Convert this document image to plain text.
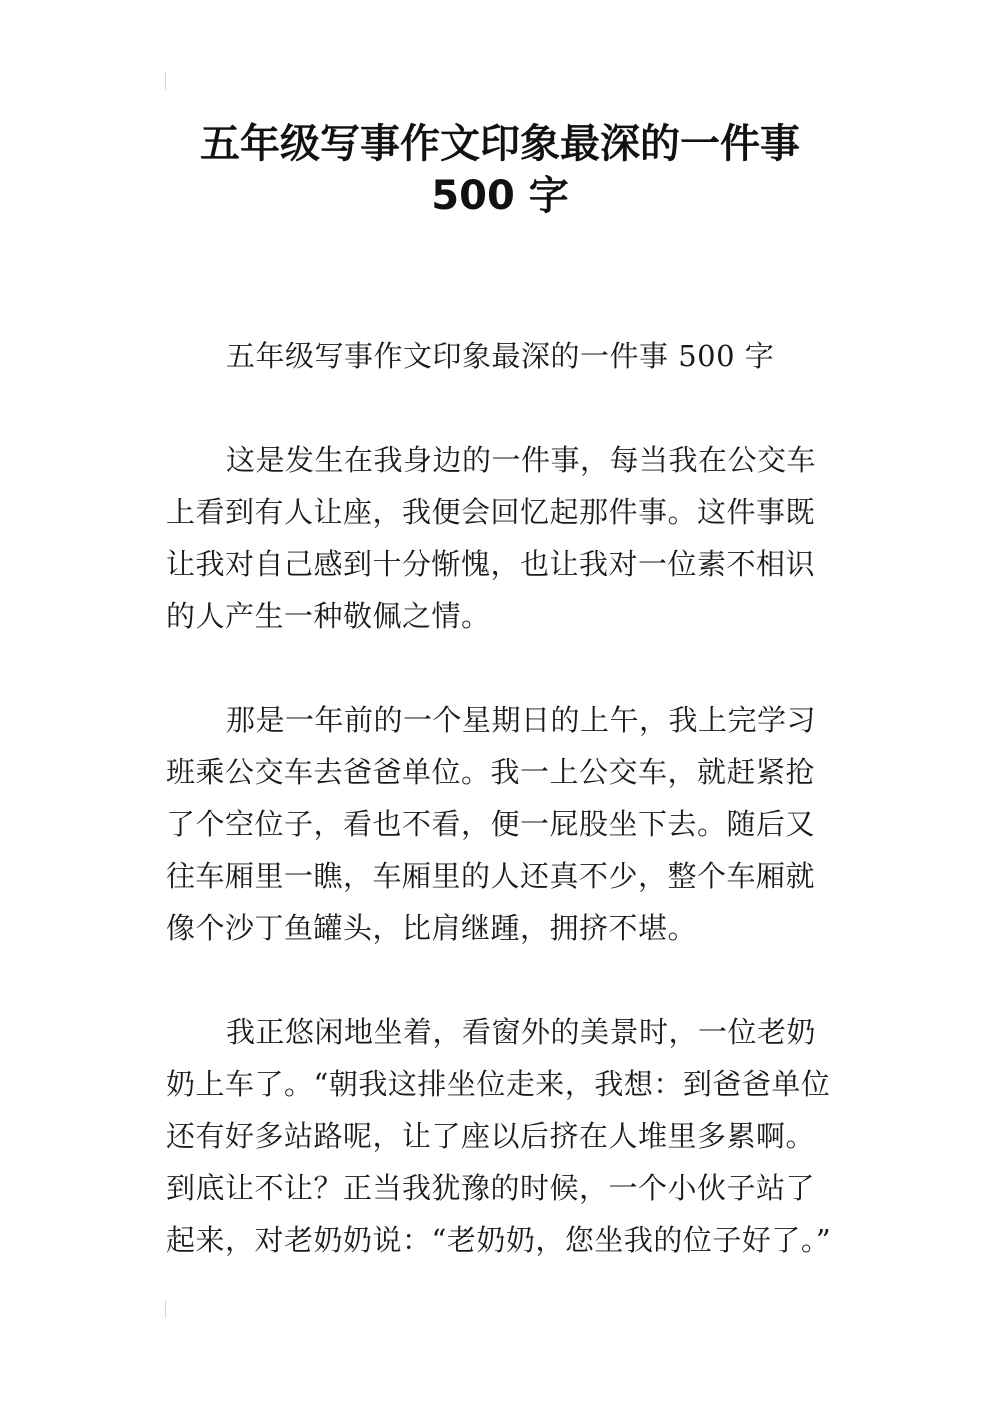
五年级写事作文印象最深的一件事
500 字

五年级写事作文印象最深的一件事 500 字

这是发生在我身边的一件事，每当我在公交车上看到有人让座，我便会回忆起那件事。这件事既让我对自己感到十分惭愧，也让我对一位素不相识的人产生一种敬佩之情。

那是一年前的一个星期日的上午，我上完学习班乘公交车去爸爸单位。我一上公交车，就赶紧抢了个空位子，看也不看，便一屁股坐下去。随后又往车厢里一瞧，车厢里的人还真不少，整个车厢就像个沙丁鱼罐头，比肩继踵，拥挤不堪。

我正悠闲地坐着，看窗外的美景时，一位老奶奶上车了。“朝我这排坐位走来，我想：到爸爸单位还有好多站路呢，让了座以后挤在人堆里多累啊。到底让不让？正当我犹豫的时候，一个小伙子站了起来，对老奶奶说：“老奶奶，您坐我的位子好了。”
